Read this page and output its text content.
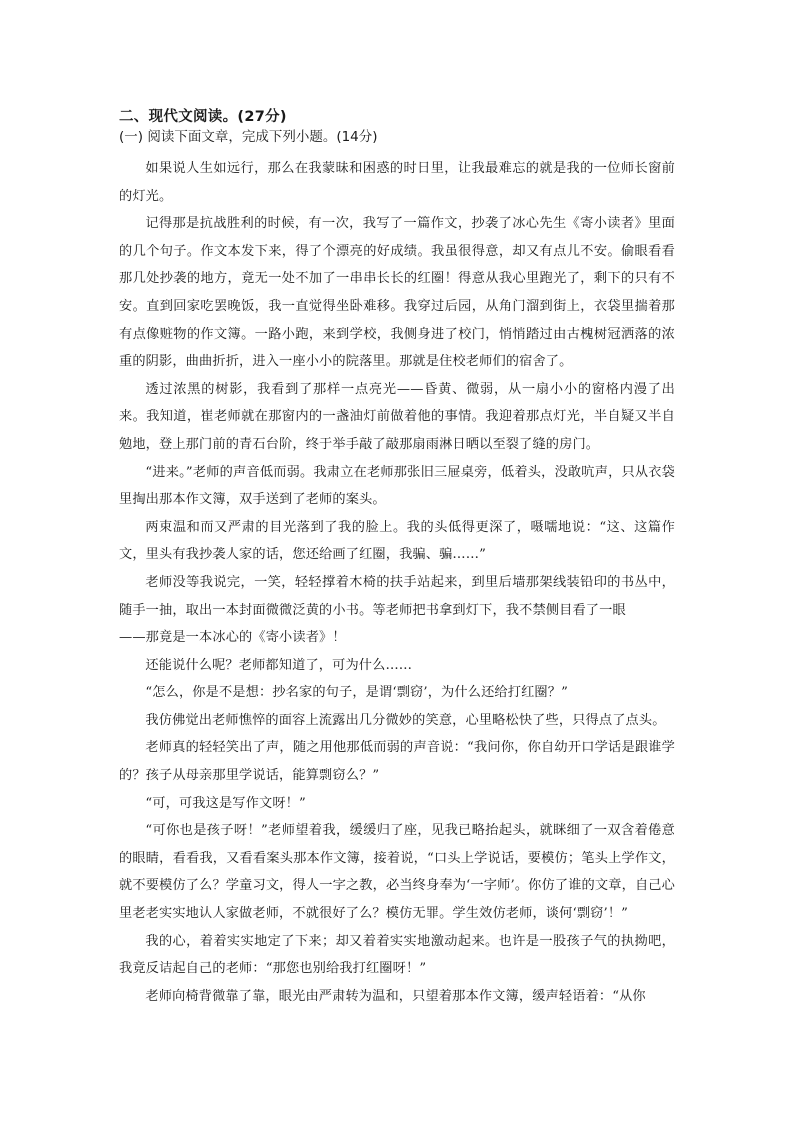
二、现代文阅读。(27分)

(一) 阅读下面文章，完成下列小题。(14分)

如果说人生如远行，那么在我蒙昧和困惑的时日里，让我最难忘的就是我的一位师长窗前的灯光。

记得那是抗战胜利的时候，有一次，我写了一篇作文，抄袭了冰心先生《寄小读者》里面的几个句子。作文本发下来，得了个漂亮的好成绩。我虽很得意，却又有点儿不安。偷眼看看那几处抄袭的地方，竟无一处不加了一串串长长的红圈！得意从我心里跑光了，剩下的只有不安。直到回家吃罢晚饭，我一直觉得坐卧难移。我穿过后园，从角门溜到街上，衣袋里揣着那有点像赃物的作文簿。一路小跑，来到学校，我侧身进了校门，悄悄踏过由古槐树冠洒落的浓重的阴影，曲曲折折，进入一座小小的院落里。那就是住校老师们的宿舍了。

透过浓黑的树影，我看到了那样一点亮光——昏黄、微弱，从一扇小小的窗格内漫了出来。我知道，崔老师就在那窗内的一盏油灯前做着他的事情。我迎着那点灯光，半自疑又半自勉地，登上那门前的青石台阶，终于举手敲了敲那扇雨淋日晒以至裂了缝的房门。

“进来。”老师的声音低而弱。我肃立在老师那张旧三屉桌旁，低着头，没敢吭声，只从衣袋里掏出那本作文簿，双手送到了老师的案头。

两束温和而又严肃的目光落到了我的脸上。我的头低得更深了，嗫嚅地说：“这、这篇作文，里头有我抄袭人家的话，您还给画了红圈，我骗、骗……”

老师没等我说完，一笑，轻轻撑着木椅的扶手站起来，到里后墙那架线装铅印的书丛中，随手一抽，取出一本封面微微泛黄的小书。等老师把书拿到灯下，我不禁侧目看了一眼

——那竟是一本冰心的《寄小读者》！

还能说什么呢？老师都知道了，可为什么……

“怎么，你是不是想：抄名家的句子，是谓‘剽窃’，为什么还给打红圈？”

我仿佛觉出老师憔悴的面容上流露出几分微妙的笑意，心里略松快了些，只得点了点头。

老师真的轻轻笑出了声，随之用他那低而弱的声音说：“我问你，你自幼开口学话是跟谁学的？孩子从母亲那里学说话，能算剽窃么？”

“可，可我这是写作文呀！”

“可你也是孩子呀！”老师望着我，缓缓归了座，见我已略抬起头，就眯细了一双含着倦意的眼睛，看看我，又看看案头那本作文簿，接着说，“口头上学说话，要模仿；笔头上学作文，就不要模仿了么？学童习文，得人一字之教，必当终身奉为‘一字师’。你仿了谁的文章，自己心里老老实实地认人家做老师，不就很好了么？模仿无罪。学生效仿老师，谈何‘剽窃’！”

我的心，着着实实地定了下来；却又着着实实地激动起来。也许是一股孩子气的执拗吧，我竟反诘起自己的老师：“那您也别给我打红圈呀！”

老师向椅背微靠了靠，眼光由严肃转为温和，只望着那本作文簿，缓声轻语着：“从你
